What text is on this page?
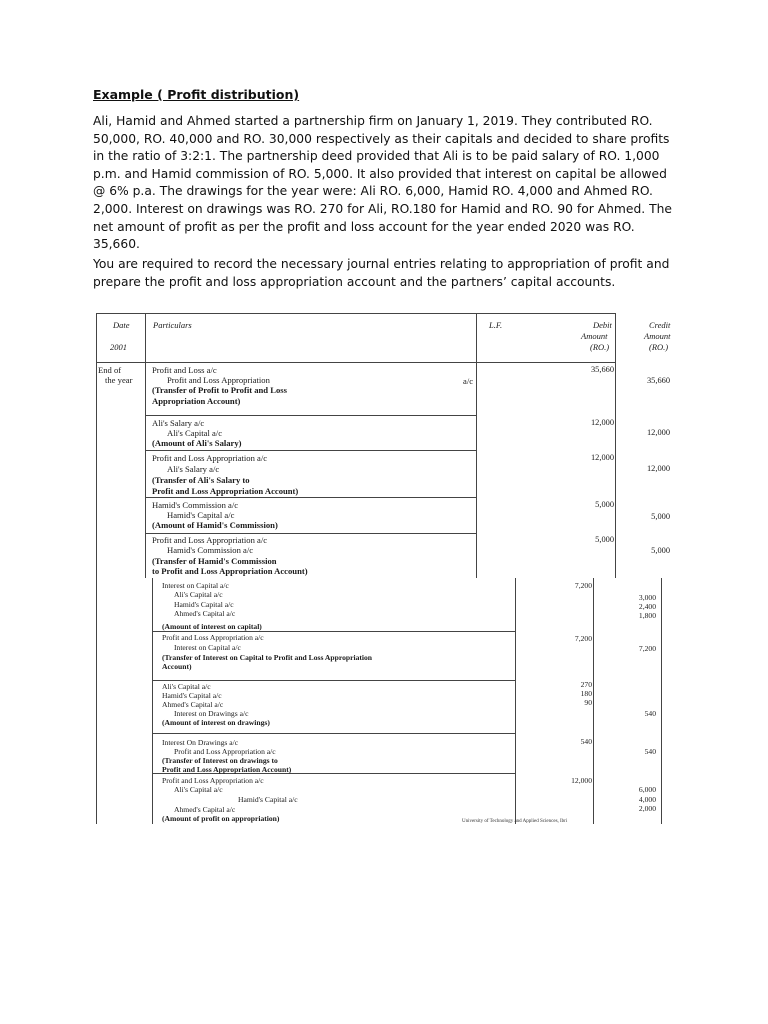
Example ( Profit distribution)
Ali, Hamid and Ahmed started a partnership firm on January 1, 2019. They contributed RO. 50,000, RO. 40,000 and RO. 30,000 respectively as their capitals and decided to share profits in the ratio of 3:2:1. The partnership deed provided that Ali is to be paid salary of RO. 1,000 p.m. and Hamid commission of RO. 5,000. It also provided that interest on capital be allowed @ 6% p.a. The drawings for the year were: Ali RO. 6,000, Hamid RO. 4,000 and Ahmed RO. 2,000. Interest on drawings was RO. 270 for Ali, RO.180 for Hamid and RO. 90 for Ahmed. The net amount of profit as per the profit and loss account for the year ended 2020 was RO. 35,660.
You are required to record the necessary journal entries relating to appropriation of profit and prepare the profit and loss appropriation account and the partners’ capital accounts.
Date
2001
Particulars	L.F.	Debit
Amount
(RO.)
Credit
Amount
(RO.)
End of
the year
Profit and Loss a/c
Profit and Loss Appropriation
(Transfer of Profit to Profit and Loss
Appropriation Account)
a/c
35,660
35,660
Ali's Salary a/c
Ali's Capital a/c
(Amount of Ali's Salary)
12,000
12,000
Profit and Loss Appropriation a/c
Ali's Salary a/c
(Transfer of Ali's Salary to
Profit and Loss Appropriation Account)
12,000
12,000
Hamid's Commission a/c
Hamid's Capital a/c
(Amount of Hamid's Commission)
5,000
5,000
Profit and Loss Appropriation a/c
Hamid's Commission a/c
(Transfer of Hamid's Commission
to Profit and Loss Appropriation Account)
5,000
5,000
Interest on Capital a/c
Ali's Capital a/c
Hamid's Capital a/c
Ahmed's Capital a/c
(Amount of interest on capital)
7,200
3,000
2,400
1,800
Profit and Loss Appropriation a/c
Interest on Capital a/c
(Transfer of Interest on Capital to Profit and Loss Appropriation
Account)
7,200
7,200
Ali's Capital a/c
Hamid's Capital a/c
Ahmed's Capital a/c
Interest on Drawings a/c
(Amount of interest on drawings)
270
180
90
540
Interest On Drawings a/c
Profit and Loss Appropriation a/c
(Transfer of Interest on drawings to
Profit and Loss Appropriation Account)
540
540
Profit and Loss Appropriation a/c
Ali's Capital a/c
Hamid's Capital a/c
Ahmed's Capital a/c
(Amount of profit on appropriation)
12,000
6,000
4,000
2,000
University of Technology and Applied Sciences, Ibri
